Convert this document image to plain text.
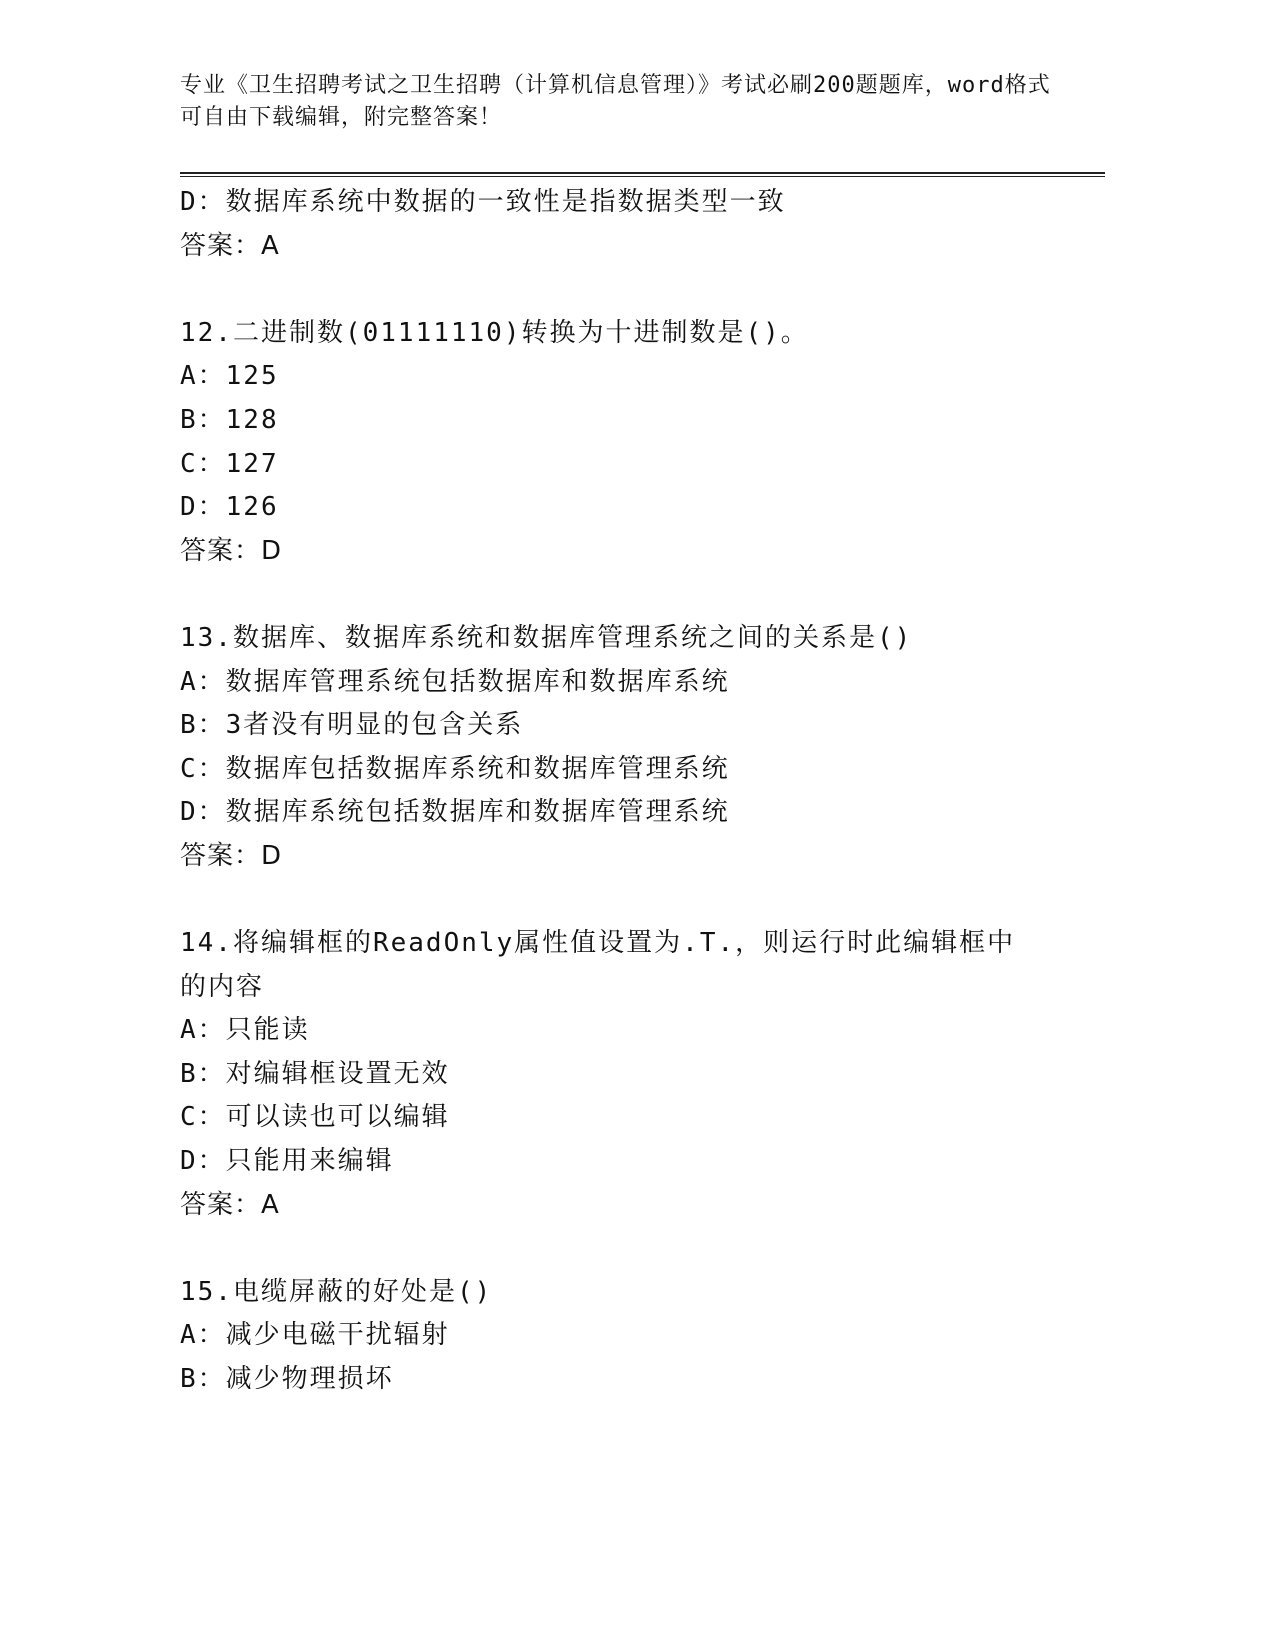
专业《卫生招聘考试之卫生招聘（计算机信息管理）》考试必刷200题题库，word格式可自由下载编辑，附完整答案！
D：数据库系统中数据的一致性是指数据类型一致
答案：A
12.二进制数(01111110)转换为十进制数是()。
A：125
B：128
C：127
D：126
答案：D
13.数据库、数据库系统和数据库管理系统之间的关系是()
A：数据库管理系统包括数据库和数据库系统
B：3者没有明显的包含关系
C：数据库包括数据库系统和数据库管理系统
D：数据库系统包括数据库和数据库管理系统
答案：D
14.将编辑框的ReadOnly属性值设置为.T.，则运行时此编辑框中的内容
A：只能读
B：对编辑框设置无效
C：可以读也可以编辑
D：只能用来编辑
答案：A
15.电缆屏蔽的好处是()
A：减少电磁干扰辐射
B：减少物理损坏
